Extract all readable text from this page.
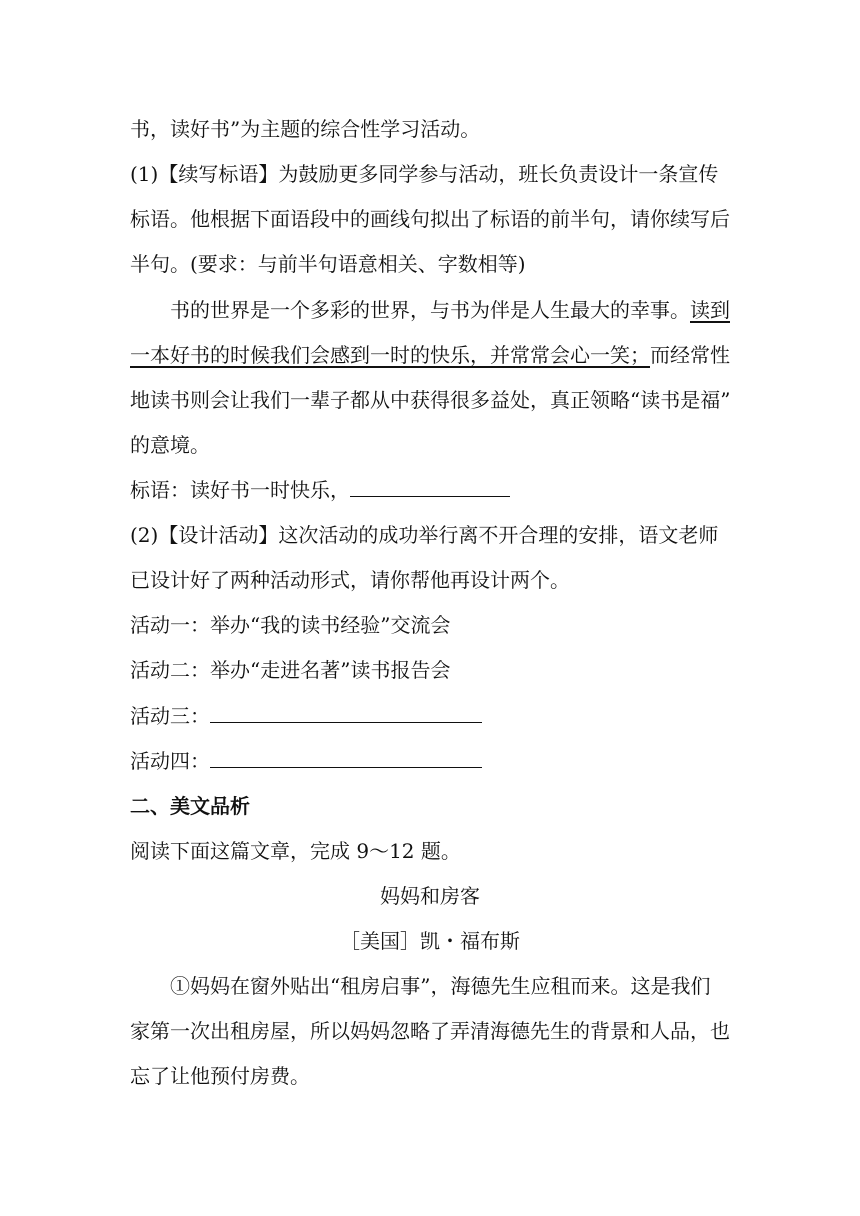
书，读好书”为主题的综合性学习活动。
(1)【续写标语】为鼓励更多同学参与活动，班长负责设计一条宣传
标语。他根据下面语段中的画线句拟出了标语的前半句，请你续写后
半句。(要求：与前半句语意相关、字数相等)
书的世界是一个多彩的世界，与书为伴是人生最大的幸事。读到
一本好书的时候我们会感到一时的快乐，并常常会心一笑；而经常性
地读书则会让我们一辈子都从中获得很多益处，真正领略“读书是福”
的意境。
标语：读好书一时快乐，
(2)【设计活动】这次活动的成功举行离不开合理的安排，语文老师
已设计好了两种活动形式，请你帮他再设计两个。
活动一：举办“我的读书经验”交流会
活动二：举办“走进名著”读书报告会
活动三：
活动四：
二、美文品析
阅读下面这篇文章，完成 9～12 题。
妈妈和房客
［美国］凯・福布斯
①妈妈在窗外贴出“租房启事”，海德先生应租而来。这是我们
家第一次出租房屋，所以妈妈忽略了弄清海德先生的背景和人品，也
忘了让他预付房费。
